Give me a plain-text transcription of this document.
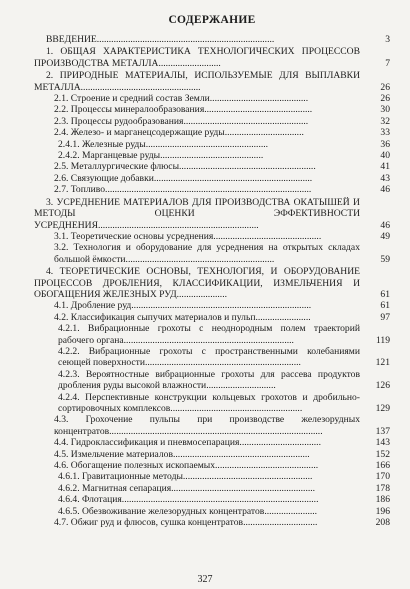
СОДЕРЖАНИЕ
ВВЕДЕНИЕ..........................................................................	3
1. ОБЩАЯ ХАРАКТЕРИСТИКА ТЕХНОЛОГИЧЕСКИХ ПРОЦЕССОВ ПРОИЗВОДСТВА МЕТАЛЛА..........................	7
2. ПРИРОДНЫЕ МАТЕРИАЛЫ, ИСПОЛЬЗУЕМЫЕ ДЛЯ ВЫПЛАВКИ МЕТАЛЛА..................................................	26
2.1. Строение и средний состав Земли.........................................	26
2.2. Процессы минералообразования.............................................	30
2.3. Процессы рудообразования....................................................	32
2.4. Железо- и марганецсодержащие руды.................................	33
2.4.1. Железные руды...................................................	36
2.4.2. Марганцевые руды...........................................	40
2.5. Металлургические флюсы.........................................................	41
2.6. Связующие добавки..................................................................	43
2.7. Топливо......................................................................................	46
3. УСРЕДНЕНИЕ МАТЕРИАЛОВ ДЛЯ ПРОИЗВОДСТВА ОКАТЫШЕЙ И МЕТОДЫ ОЦЕНКИ ЭФФЕКТИВНОСТИ УСРЕДНЕНИЯ...................................................................	46
3.1. Теоретические основы усреднения.............................................	49
3.2. Технология и оборудование для усреднения на открытых складах большой ёмкости..............................................................	59
4. ТЕОРЕТИЧЕСКИЕ ОСНОВЫ, ТЕХНОЛОГИЯ, И ОБОРУДОВАНИЕ ПРОЦЕССОВ ДРОБЛЕНИЯ, КЛАССИФИКАЦИИ, ИЗМЕЛЬЧЕНИЯ И ОБОГАЩЕНИЯ ЖЕЛЕЗНЫХ РУД.....................	61
4.1. Дробление руд...........................................................................	61
4.2. Классификация сыпучих материалов и пульп.......................	97
4.2.1. Вибрационные грохоты с неоднородным полем траекторий рабочего органа.......................................................................	119
4.2.2. Вибрационные грохоты с пространственными колебаниями сеющей поверхности.................................................................	121
4.2.3. Вероятностные вибрационные грохоты для рассева продуктов дробления руды высокой влажности.............................	126
4.2.4. Перспективные конструкции кольцевых грохотов и дробильно-сортировочных комплексов.......................................................	129
4.3. Грохочение пульпы при производстве железорудных концентратов.........................................................................................	137
4.4. Гидроклассификация и пневмосепарация..................................	143
4.5. Измельчение материалов.........................................................	152
4.6. Обогащение полезных ископаемых...........................................	166
4.6.1. Гравитационные методы......................................................	170
4.6.2. Магнитная сепарация............................................................	178
4.6.4. Флотация..................................................................................	186
4.6.5. Обезвоживание железорудных концентратов......................	196
4.7. Обжиг руд и флюсов, сушка концентратов...............................	208
327
